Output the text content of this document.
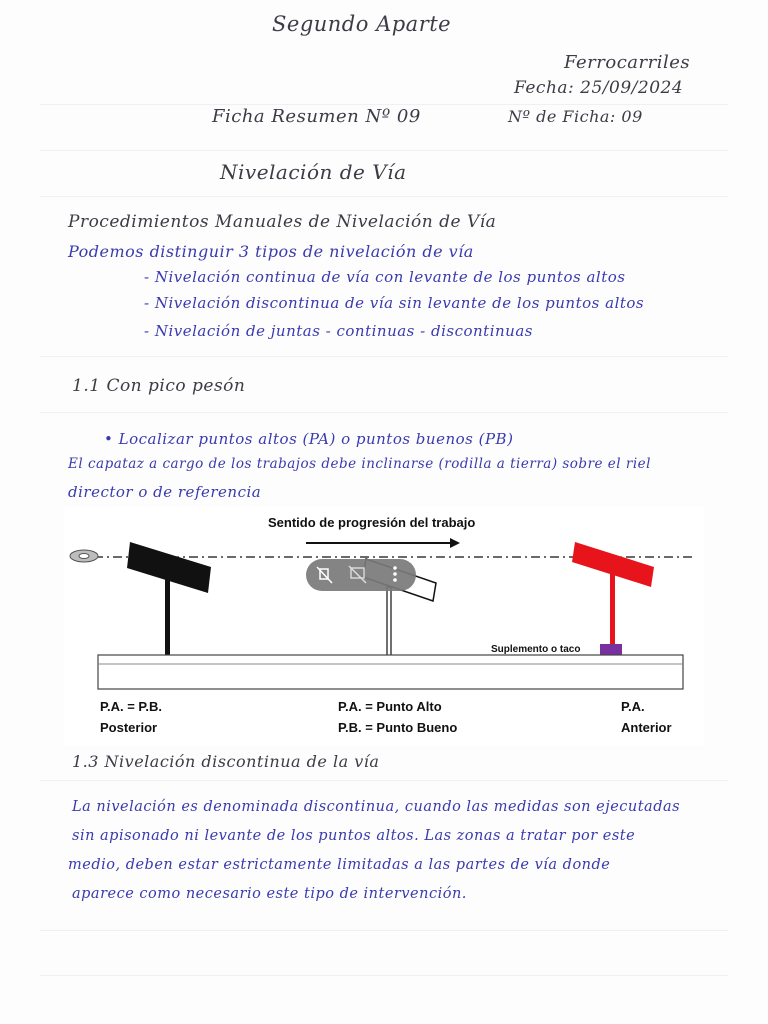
Segundo Aparte
Ferrocarriles
Fecha: 25/09/2024
Nº de Ficha: 09
Ficha Resumen Nº 09
Nivelación de Vía
Procedimientos Manuales de Nivelación de Vía
Podemos distinguir 3 tipos de nivelación de vía
- Nivelación continua de vía con levante de los puntos altos
- Nivelación discontinua de vía sin levante de los puntos altos
- Nivelación de juntas - continuas - discontinuas
1.1 Con pico pesón
• Localizar puntos altos (PA) o puntos buenos (PB)
El capataz a cargo de los trabajos debe inclinarse (rodilla a tierra) sobre el riel
director o de referencia
Sentido de progresión del trabajo
Suplemento o taco
P.A. = P.B.
Posterior
P.A. = Punto Alto
P.B. = Punto Bueno
P.A.
Anterior
1.3 Nivelación discontinua de la vía
La nivelación es denominada discontinua, cuando las medidas son ejecutadas
sin apisonado ni levante de los puntos altos. Las zonas a tratar por este
medio, deben estar estrictamente limitadas a las partes de vía donde
aparece como necesario este tipo de intervención.
